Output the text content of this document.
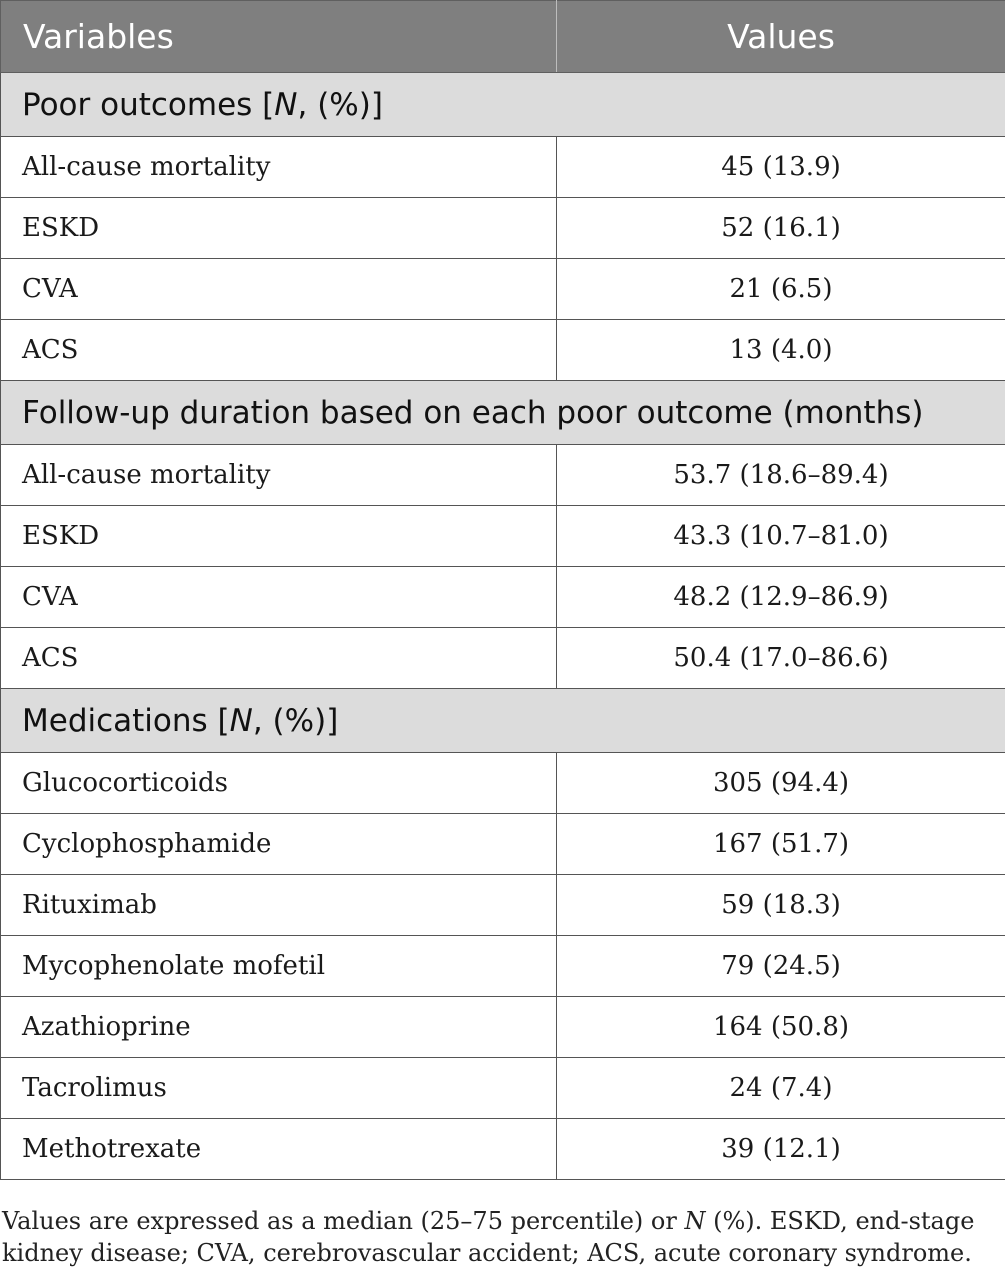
Variables	Values
Poor outcomes [N, (%)]	
All-cause mortality	45 (13.9)
ESKD	52 (16.1)
CVA	21 (6.5)
ACS	13 (4.0)
Follow-up duration based on each poor outcome (months)	
All-cause mortality	53.7 (18.6–89.4)
ESKD	43.3 (10.7–81.0)
CVA	48.2 (12.9–86.9)
ACS	50.4 (17.0–86.6)
Medications [N, (%)]	
Glucocorticoids	305 (94.4)
Cyclophosphamide	167 (51.7)
Rituximab	59 (18.3)
Mycophenolate mofetil	79 (24.5)
Azathioprine	164 (50.8)
Tacrolimus	24 (7.4)
Methotrexate	39 (12.1)
Values are expressed as a median (25–75 percentile) or N (%). ESKD, end-stage kidney disease; CVA, cerebrovascular accident; ACS, acute coronary syndrome.
